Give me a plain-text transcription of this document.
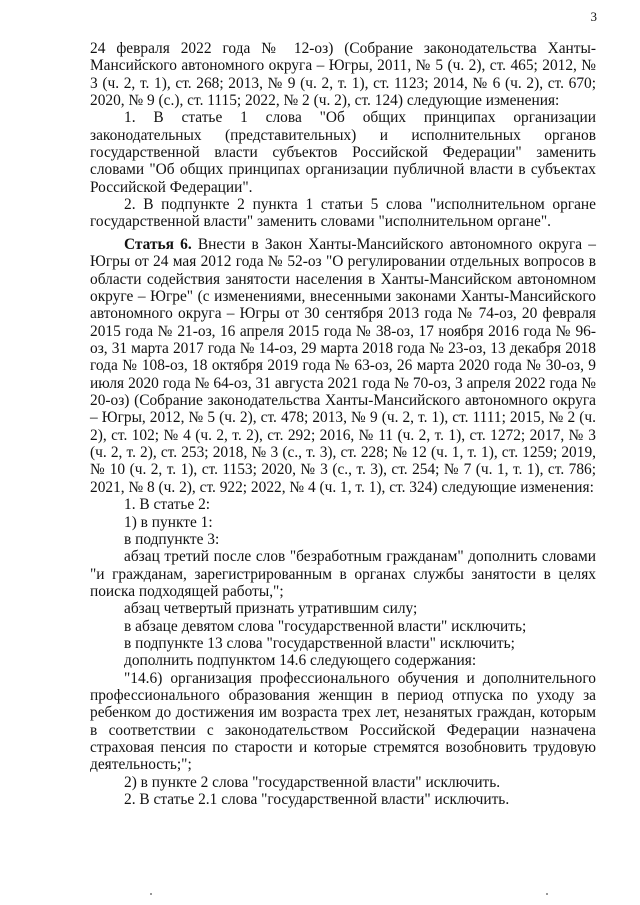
3

24 февраля 2022 года № 12-оз) (Собрание законодательства Ханты-Мансийского автономного округа – Югры, 2011, № 5 (ч. 2), ст. 465; 2012, № 3 (ч. 2, т. 1), ст. 268; 2013, № 9 (ч. 2, т. 1), ст. 1123; 2014, № 6 (ч. 2), ст. 670; 2020, № 9 (с.), ст. 1115; 2022, № 2 (ч. 2), ст. 124) следующие изменения:

1. В статье 1 слова "Об общих принципах организации законодательных (представительных) и исполнительных органов государственной власти субъектов Российской Федерации" заменить словами "Об общих принципах организации публичной власти в субъектах Российской Федерации".

2. В подпункте 2 пункта 1 статьи 5 слова "исполнительном органе государственной власти" заменить словами "исполнительном органе".

Статья 6. Внести в Закон Ханты-Мансийского автономного округа – Югры от 24 мая 2012 года № 52-оз "О регулировании отдельных вопросов в области содействия занятости населения в Ханты-Мансийском автономном округе – Югре" (с изменениями, внесенными законами Ханты-Мансийского автономного округа – Югры от 30 сентября 2013 года № 74-оз, 20 февраля 2015 года № 21-оз, 16 апреля 2015 года № 38-оз, 17 ноября 2016 года № 96-оз, 31 марта 2017 года № 14-оз, 29 марта 2018 года № 23-оз, 13 декабря 2018 года № 108-оз, 18 октября 2019 года № 63-оз, 26 марта 2020 года № 30-оз, 9 июля 2020 года № 64-оз, 31 августа 2021 года № 70-оз, 3 апреля 2022 года № 20-оз) (Собрание законодательства Ханты-Мансийского автономного округа – Югры, 2012, № 5 (ч. 2), ст. 478; 2013, № 9 (ч. 2, т. 1), ст. 1111; 2015, № 2 (ч. 2), ст. 102; № 4 (ч. 2, т. 2), ст. 292; 2016, № 11 (ч. 2, т. 1), ст. 1272; 2017, № 3 (ч. 2, т. 2), ст. 253; 2018, № 3 (с., т. 3), ст. 228; № 12 (ч. 1, т. 1), ст. 1259; 2019, № 10 (ч. 2, т. 1), ст. 1153; 2020, № 3 (с., т. 3), ст. 254; № 7 (ч. 1, т. 1), ст. 786; 2021, № 8 (ч. 2), ст. 922; 2022, № 4 (ч. 1, т. 1), ст. 324) следующие изменения:

1. В статье 2:

1) в пункте 1:

в подпункте 3:

абзац третий после слов "безработным гражданам" дополнить словами "и гражданам, зарегистрированным в органах службы занятости в целях поиска подходящей работы,";

абзац четвертый признать утратившим силу;

в абзаце девятом слова "государственной власти" исключить;

в подпункте 13 слова "государственной власти" исключить;

дополнить подпунктом 14.6 следующего содержания:

"14.6) организация профессионального обучения и дополнительного профессионального образования женщин в период отпуска по уходу за ребенком до достижения им возраста трех лет, незанятых граждан, которым в соответствии с законодательством Российской Федерации назначена страховая пенсия по старости и которые стремятся возобновить трудовую деятельность;";

2) в пункте 2 слова "государственной власти" исключить.

2. В статье 2.1 слова "государственной власти" исключить.
